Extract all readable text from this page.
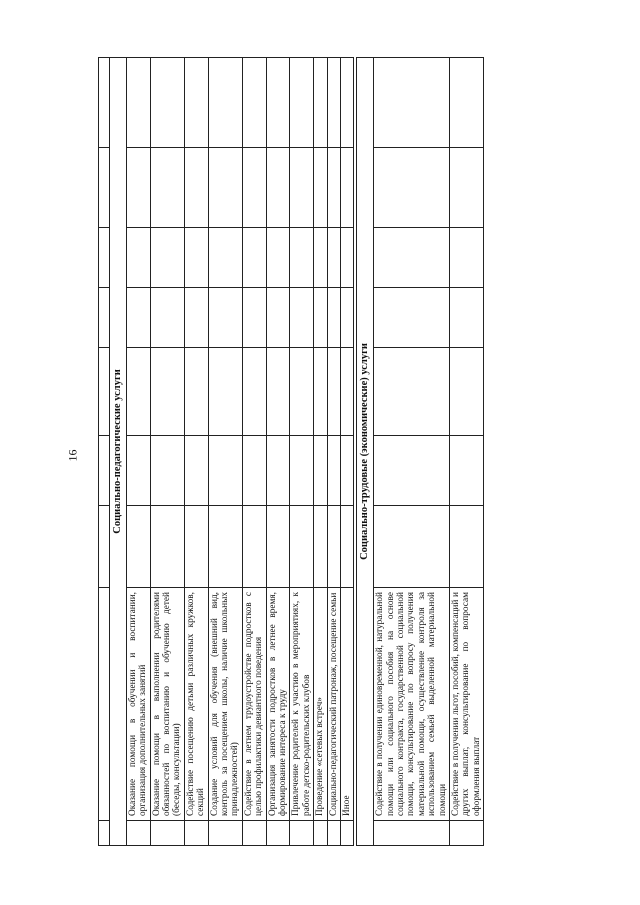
16
									Социально-педагогические услуги								
	Оказание помощи в обучении и воспитании, организация дополнительных занятий							
	Оказание помощи в выполнении родителями обязанностей по воспитанию и обучению детей (беседы, консультации)							
	Содействие посещению детьми различных кружков, секций							
	Создание условий для обучения (внешний вид, контроль за посещением школы, наличие школьных принадлежностей)							
	Содействие в летнем трудоустройстве подростков с целью профилактики девиантного поведения							
	Организация занятости подростков в летнее время, формирование интереса к труду							
	Привлечение родителей к участию в мероприятиях, к работе детско-родительских клубов							
	Проведение «сетевых встреч»							
	Социально-педагогический патронаж, посещение семьи							
	Иное							

Социально-трудовые (экономические) услуги								
	Содействие в получении единовременной, натуральной помощи или социального пособия на основе социального контракта, государственной социальной помощи, консультирование по вопросу получения материальной помощи, осуществление контроля за использованием семьей выделенной материальной помощи							
	Содействие в получении льгот, пособий, компенсаций и других выплат, консультирование по вопросам оформления выплат							
